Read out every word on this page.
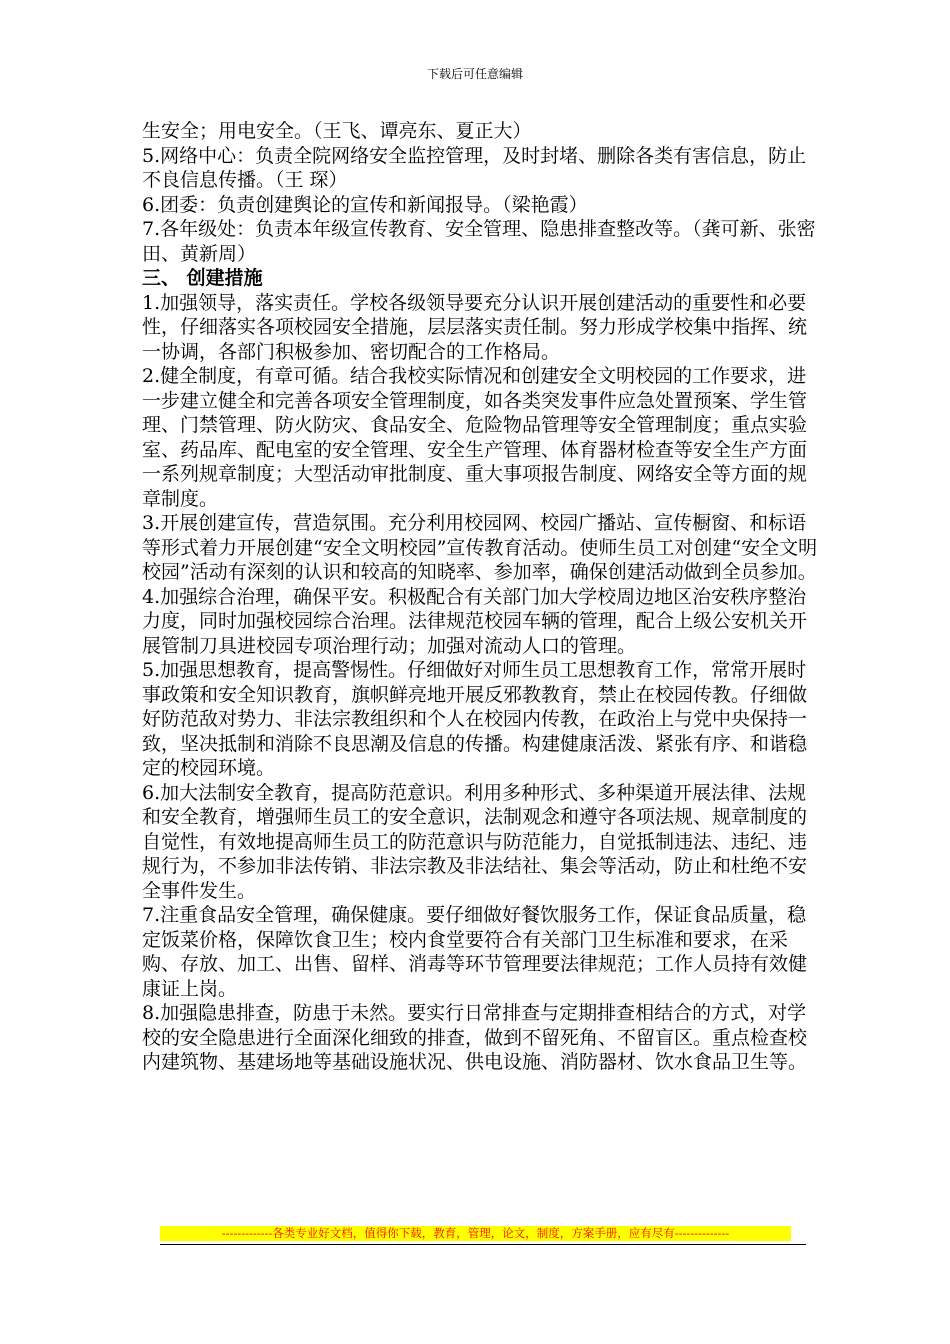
下载后可任意编辑

生安全；用电安全。（王飞、谭亮东、夏正大）

5.网络中心：负责全院网络安全监控管理，及时封堵、删除各类有害信息，防止不良信息传播。（王 琛）

6.团委：负责创建舆论的宣传和新闻报导。（梁艳霞）

7.各年级处：负责本年级宣传教育、安全管理、隐患排查整改等。（龚可新、张密田、黄新周）

三、 创建措施

1.加强领导，落实责任。学校各级领导要充分认识开展创建活动的重要性和必要性，仔细落实各项校园安全措施，层层落实责任制。努力形成学校集中指挥、统一协调，各部门积极参加、密切配合的工作格局。

2.健全制度，有章可循。结合我校实际情况和创建安全文明校园的工作要求，进一步建立健全和完善各项安全管理制度，如各类突发事件应急处置预案、学生管理、门禁管理、防火防灾、食品安全、危险物品管理等安全管理制度；重点实验室、药品库、配电室的安全管理、安全生产管理、体育器材检查等安全生产方面一系列规章制度；大型活动审批制度、重大事项报告制度、网络安全等方面的规章制度。

3.开展创建宣传，营造氛围。充分利用校园网、校园广播站、宣传橱窗、和标语等形式着力开展创建“安全文明校园”宣传教育活动。使师生员工对创建“安全文明校园”活动有深刻的认识和较高的知晓率、参加率，确保创建活动做到全员参加。

4.加强综合治理，确保平安。积极配合有关部门加大学校周边地区治安秩序整治力度，同时加强校园综合治理。法律规范校园车辆的管理，配合上级公安机关开展管制刀具进校园专项治理行动；加强对流动人口的管理。

5.加强思想教育，提高警惕性。仔细做好对师生员工思想教育工作，常常开展时事政策和安全知识教育，旗帜鲜亮地开展反邪教教育，禁止在校园传教。仔细做好防范敌对势力、非法宗教组织和个人在校园内传教，在政治上与党中央保持一致，坚决抵制和消除不良思潮及信息的传播。构建健康活泼、紧张有序、和谐稳定的校园环境。

6.加大法制安全教育，提高防范意识。利用多种形式、多种渠道开展法律、法规和安全教育，增强师生员工的安全意识，法制观念和遵守各项法规、规章制度的自觉性，有效地提高师生员工的防范意识与防范能力，自觉抵制违法、违纪、违规行为，不参加非法传销、非法宗教及非法结社、集会等活动，防止和杜绝不安全事件发生。

7.注重食品安全管理，确保健康。要仔细做好餐饮服务工作，保证食品质量，稳定饭菜价格，保障饮食卫生；校内食堂要符合有关部门卫生标准和要求，在采购、存放、加工、出售、留样、消毒等环节管理要法律规范；工作人员持有效健康证上岗。

8.加强隐患排查，防患于未然。要实行日常排查与定期排查相结合的方式，对学校的安全隐患进行全面深化细致的排查，做到不留死角、不留盲区。重点检查校内建筑物、基建场地等基础设施状况、供电设施、消防器材、饮水食品卫生等。

-------------各类专业好文档，值得你下载，教育，管理，论文，制度，方案手册，应有尽有--------------
